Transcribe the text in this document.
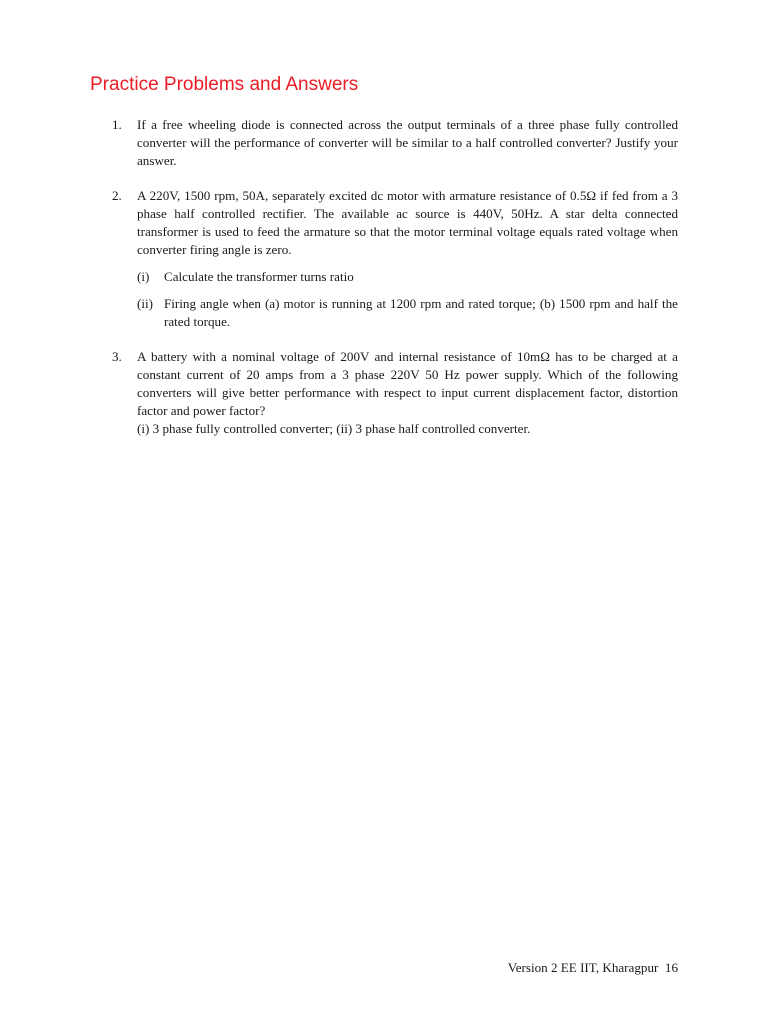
Practice Problems and Answers
1. If a free wheeling diode is connected across the output terminals of a three phase fully controlled converter will the performance of converter will be similar to a half controlled converter? Justify your answer.
2. A 220V, 1500 rpm, 50A, separately excited dc motor with armature resistance of 0.5Ω if fed from a 3 phase half controlled rectifier. The available ac source is 440V, 50Hz. A star delta connected transformer is used to feed the armature so that the motor terminal voltage equals rated voltage when converter firing angle is zero.
(i) Calculate the transformer turns ratio
(ii) Firing angle when (a) motor is running at 1200 rpm and rated torque; (b) 1500 rpm and half the rated torque.
3. A battery with a nominal voltage of 200V and internal resistance of 10mΩ has to be charged at a constant current of 20 amps from a 3 phase 220V 50 Hz power supply. Which of the following converters will give better performance with respect to input current displacement factor, distortion factor and power factor?
(i) 3 phase fully controlled converter; (ii) 3 phase half controlled converter.
Version 2 EE IIT, Kharagpur  16
